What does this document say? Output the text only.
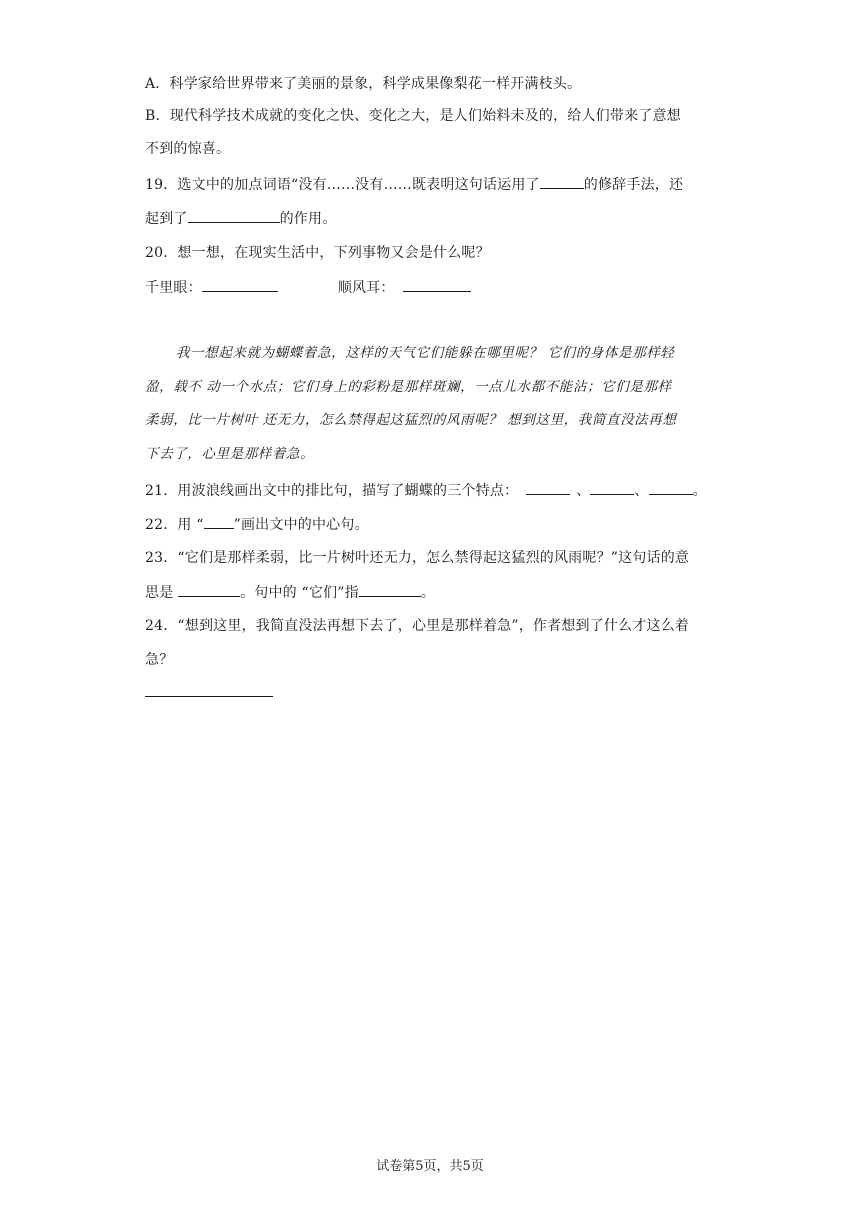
A．科学家给世界带来了美丽的景象，科学成果像梨花一样开满枝头。
B．现代科学技术成就的变化之快、变化之大，是人们始料未及的，给人们带来了意想
不到的惊喜。
19．选文中的加点词语“没有……没有……既表明这句话运用了	的修辞手法，还
起到了	的作用。
20．想一想，在现实生活中，下列事物又会是什么呢？
千里眼：	顺风耳：
我一想起来就为蝴蝶着急，这样的天气它们能躲在哪里呢？ 它们的身体是那样轻
盈，载不 动一个水点；它们身上的彩粉是那样斑斓，一点儿水都不能沾；它们是那样
柔弱，比一片树叶 还无力，怎么禁得起这猛烈的风雨呢？ 想到这里，我简直没法再想
下去了，心里是那样着急。
21．用波浪线画出文中的排比句，描写了蝴蝶的三个特点：	、	、	。
22．用 “ ”画出文中的中心句。
23．“它们是那样柔弱，比一片树叶还无力，怎么禁得起这猛烈的风雨呢？”这句话的意
思是	。句中的 “它们”指	。
24．“想到这里，我简直没法再想下去了，心里是那样着急”，作者想到了什么才这么着
急？
试卷第5页，共5页
